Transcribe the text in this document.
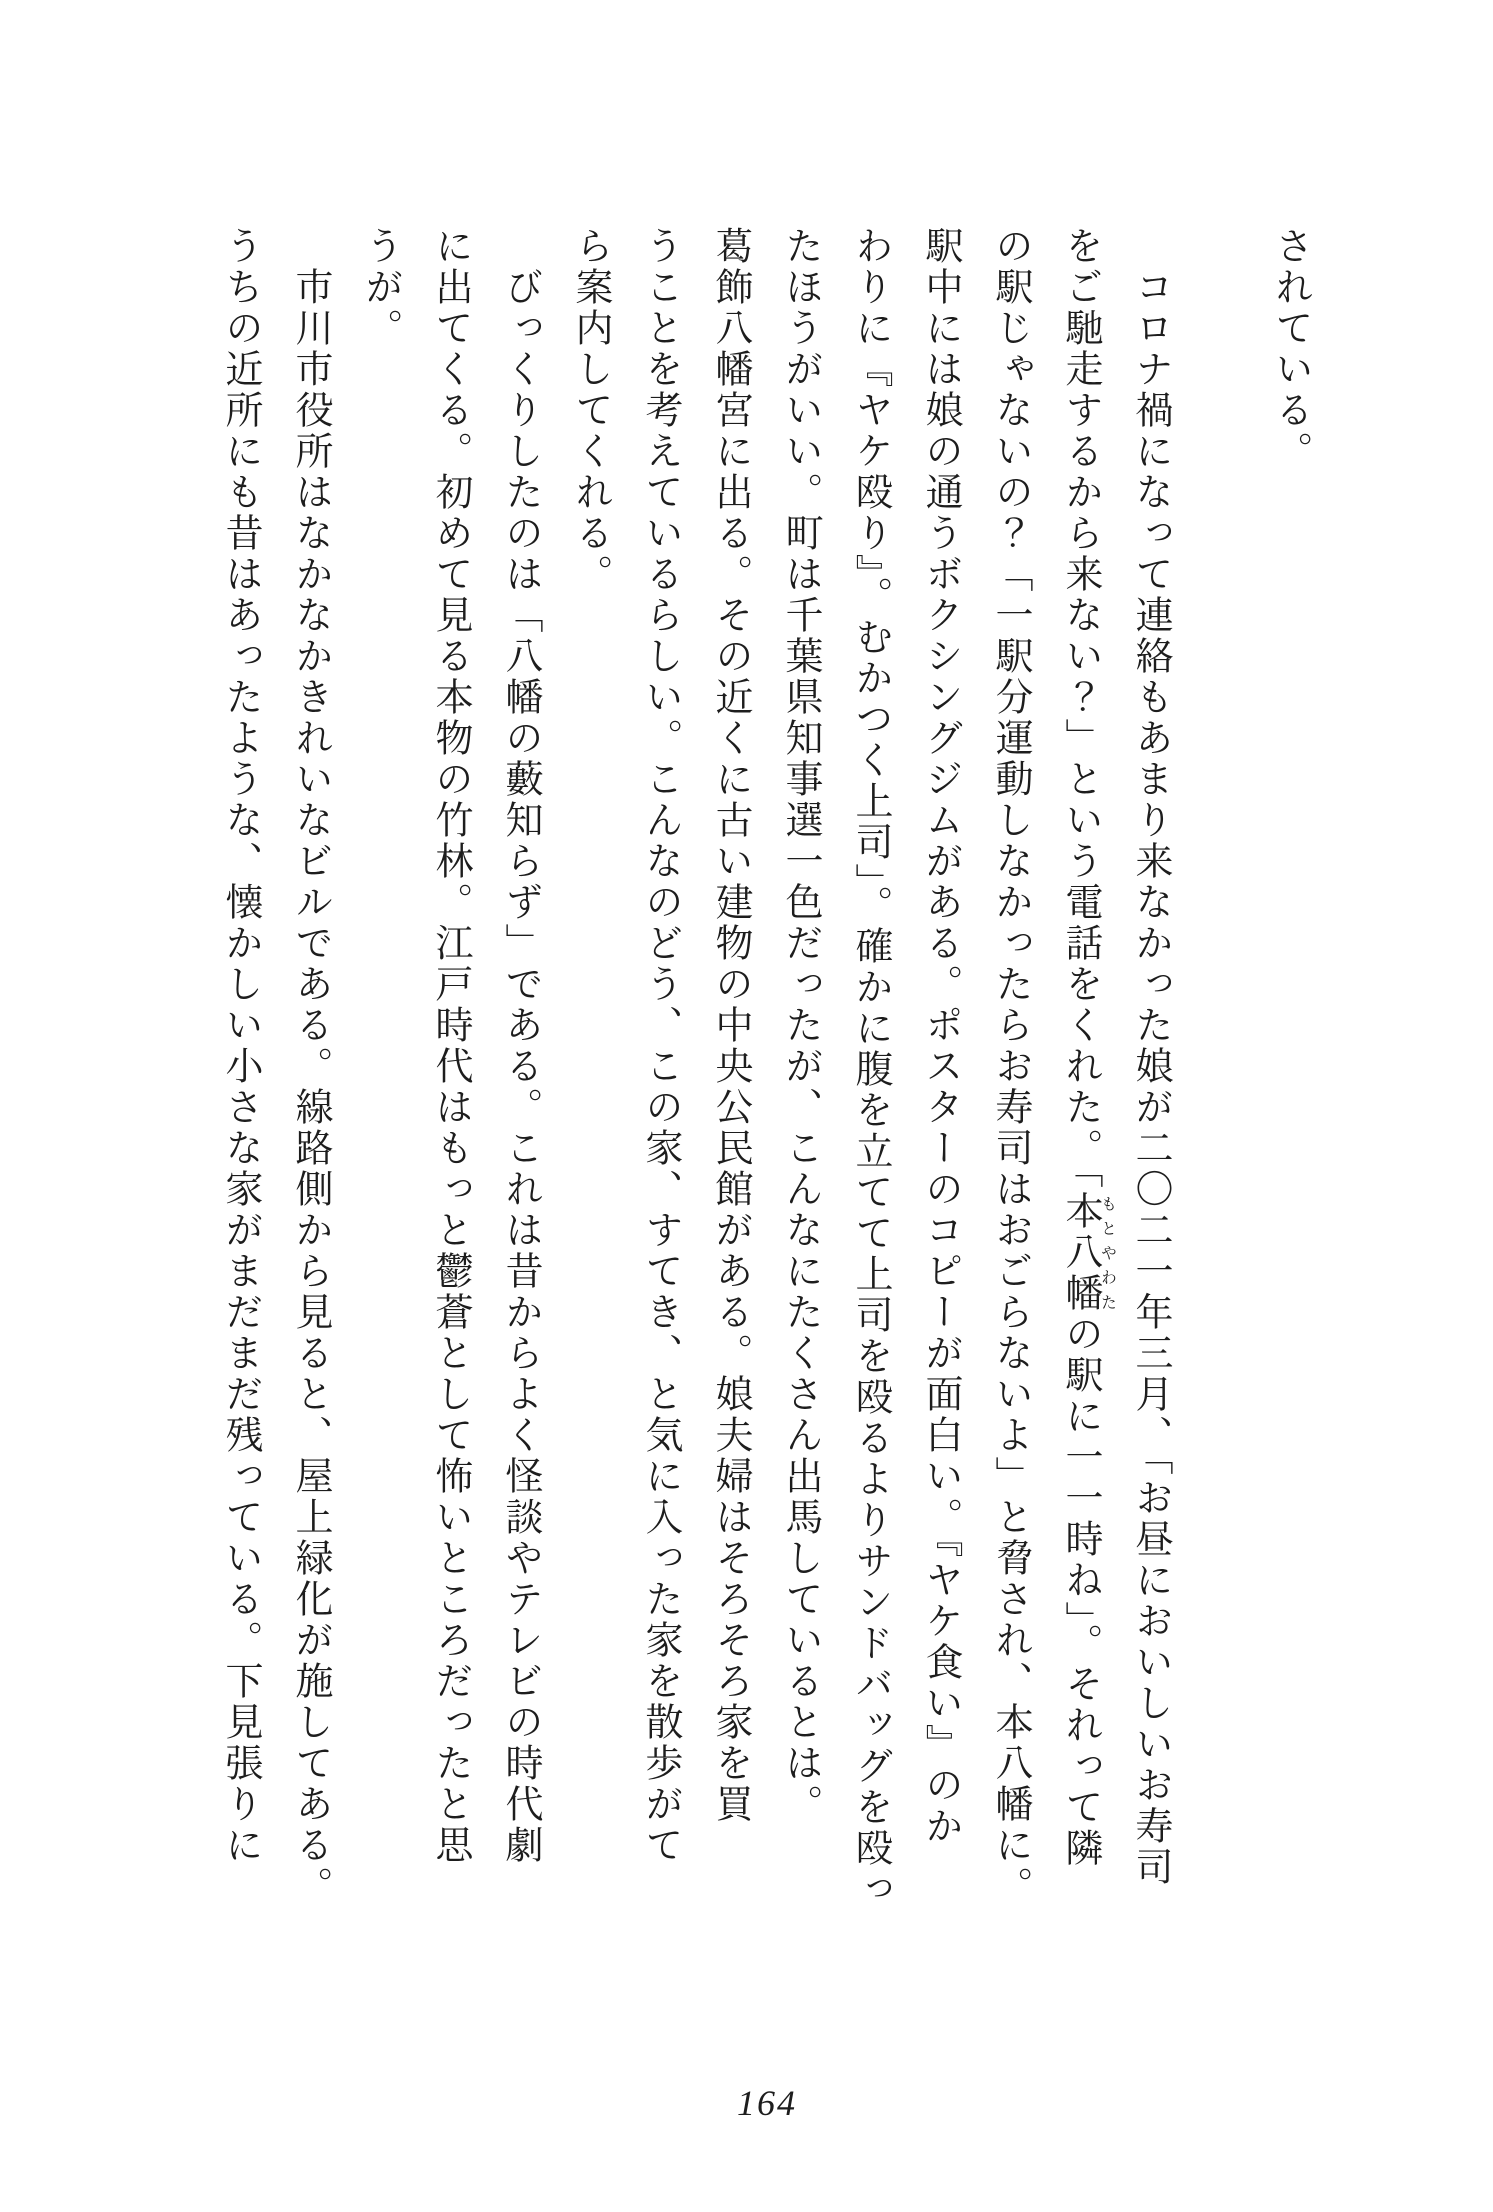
されている。
　コロナ禍になって連絡もあまり来なかった娘が二〇二一年三月、「お昼においしいお寿司
をご馳走するから来ない？」という電話をくれた。「本八幡もとやわたの駅に一一時ね」。それって隣
の駅じゃないの？「一駅分運動しなかったらお寿司はおごらないよ」と脅され、本八幡に。
駅中には娘の通うボクシングジムがある。ポスターのコピーが面白い。『ヤケ食い』のか
わりに『ヤケ殴り』。むかつく上司」。確かに腹を立てて上司を殴るよりサンドバッグを殴っ
たほうがいい。町は千葉県知事選一色だったが、こんなにたくさん出馬しているとは。
葛飾八幡宮に出る。その近くに古い建物の中央公民館がある。娘夫婦はそろそろ家を買
うことを考えているらしい。こんなのどう、この家、すてき、と気に入った家を散歩がて
ら案内してくれる。
　びっくりしたのは「八幡の藪知らず」である。これは昔からよく怪談やテレビの時代劇
に出てくる。初めて見る本物の竹林。江戸時代はもっと鬱蒼として怖いところだったと思
うが。
　市川市役所はなかなかきれいなビルである。線路側から見ると、屋上緑化が施してある。
うちの近所にも昔はあったような、懐かしい小さな家がまだまだ残っている。下見張りに
164
